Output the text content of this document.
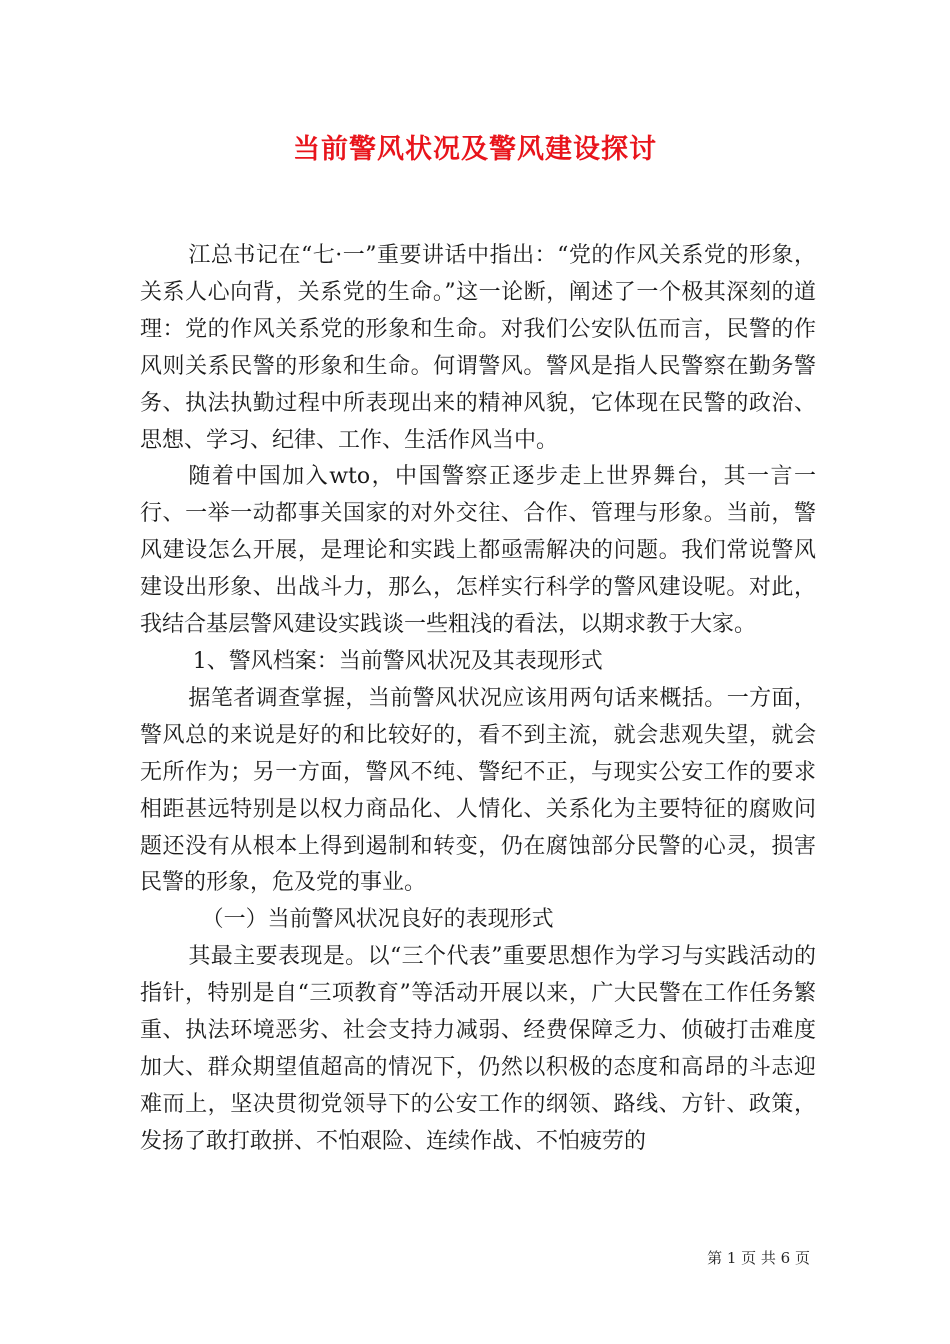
当前警风状况及警风建设探讨

江总书记在“七·一”重要讲话中指出：“党的作风关系党的形象，关系人心向背，关系党的生命。”这一论断，阐述了一个极其深刻的道理：党的作风关系党的形象和生命。对我们公安队伍而言，民警的作风则关系民警的形象和生命。何谓警风。警风是指人民警察在勤务警务、执法执勤过程中所表现出来的精神风貌，它体现在民警的政治、思想、学习、纪律、工作、生活作风当中。

随着中国加入wto，中国警察正逐步走上世界舞台，其一言一行、一举一动都事关国家的对外交往、合作、管理与形象。当前，警风建设怎么开展，是理论和实践上都亟需解决的问题。我们常说警风建设出形象、出战斗力，那么，怎样实行科学的警风建设呢。对此，我结合基层警风建设实践谈一些粗浅的看法，以期求教于大家。

1、警风档案：当前警风状况及其表现形式

据笔者调查掌握，当前警风状况应该用两句话来概括。一方面，警风总的来说是好的和比较好的，看不到主流，就会悲观失望，就会无所作为；另一方面，警风不纯、警纪不正，与现实公安工作的要求相距甚远特别是以权力商品化、人情化、关系化为主要特征的腐败问题还没有从根本上得到遏制和转变，仍在腐蚀部分民警的心灵，损害民警的形象，危及党的事业。

（一）当前警风状况良好的表现形式

其最主要表现是。以“三个代表”重要思想作为学习与实践活动的指针，特别是自“三项教育”等活动开展以来，广大民警在工作任务繁重、执法环境恶劣、社会支持力减弱、经费保障乏力、侦破打击难度加大、群众期望值超高的情况下，仍然以积极的态度和高昂的斗志迎难而上，坚决贯彻党领导下的公安工作的纲领、路线、方针、政策，发扬了敢打敢拼、不怕艰险、连续作战、不怕疲劳的

第 1 页 共 6 页
